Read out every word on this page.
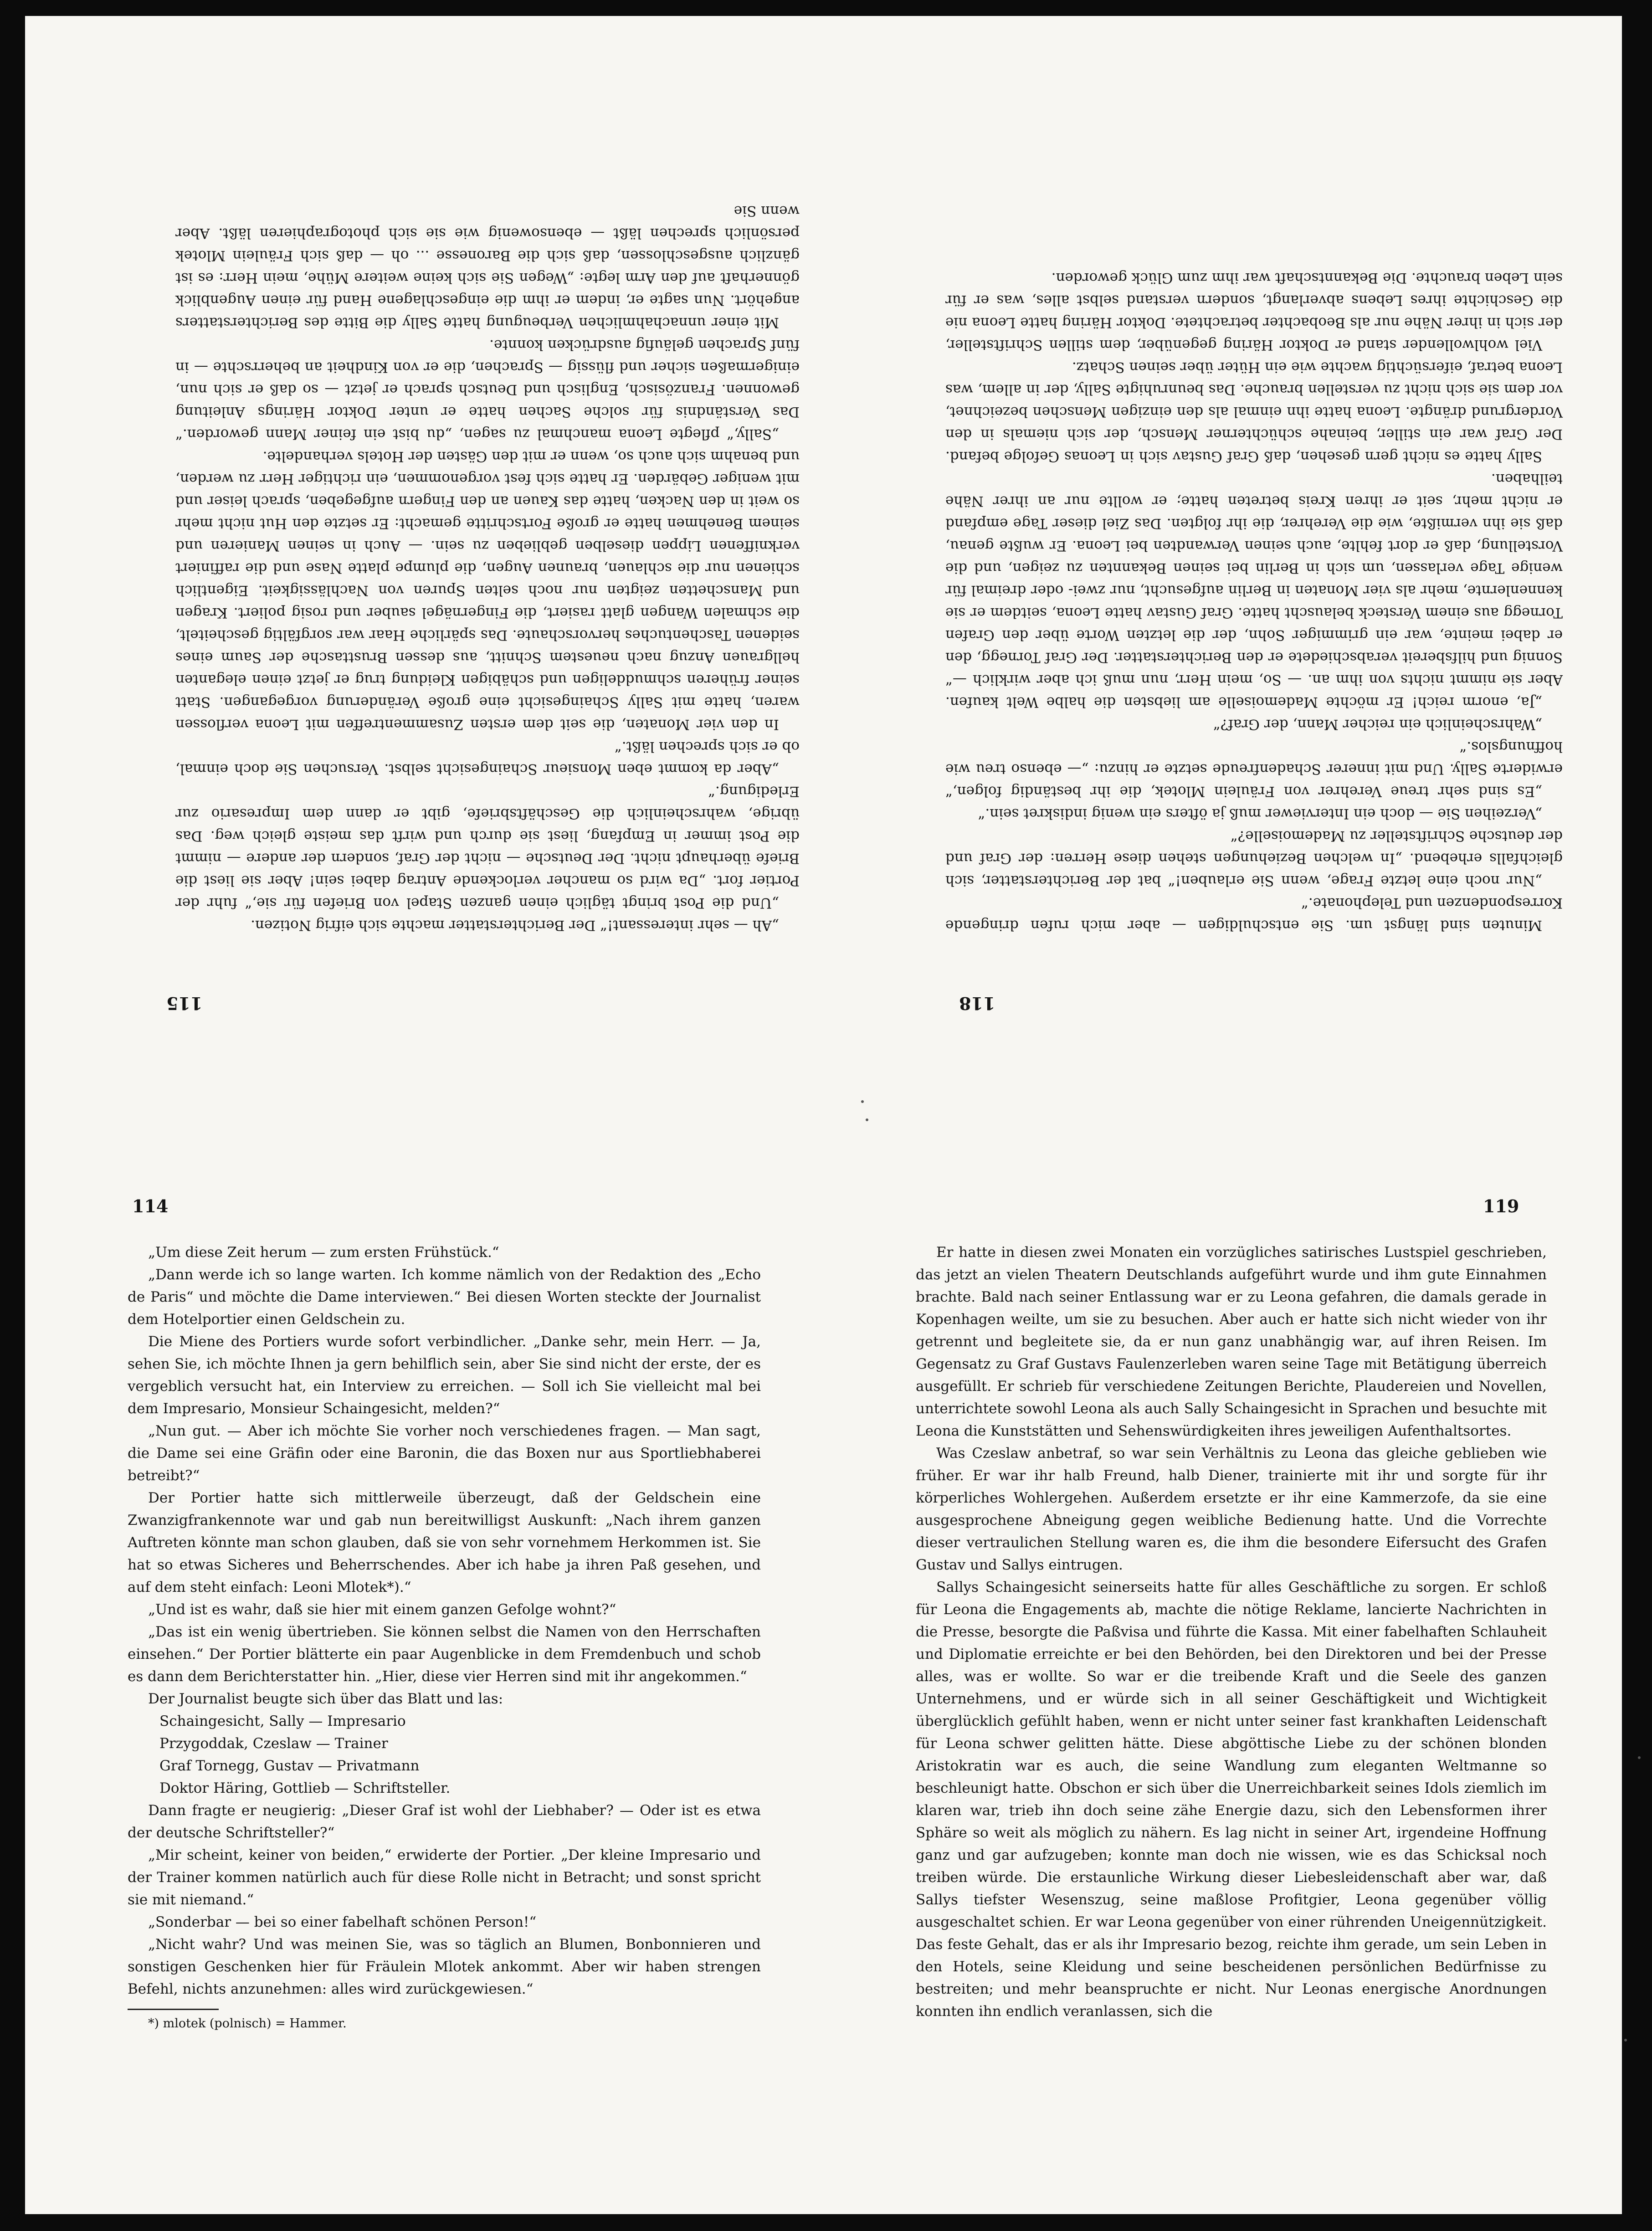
Minuten sind längst um. Sie entschuldigen — aber mich rufen dringende Korrespondenzen und Telephonate.“

„Nur noch eine letzte Frage, wenn Sie erlauben!“ bat der Berichterstatter, sich gleichfalls erhebend. „In welchen Beziehungen stehen diese Herren: der Graf und der deutsche Schriftsteller zu Mademoiselle?“

„Verzeihen Sie — doch ein Interviewer muß ja öfters ein wenig indiskret sein.“

„Es sind sehr treue Verehrer von Fräulein Mlotek, die ihr beständig folgen,“ erwiderte Sally. Und mit innerer Schadenfreude setzte er hinzu: „— ebenso treu wie hoffnungslos.“

„Wahrscheinlich ein reicher Mann, der Graf?“

„Ja, enorm reich! Er möchte Mademoiselle am liebsten die halbe Welt kaufen. Aber sie nimmt nichts von ihm an. — So, mein Herr, nun muß ich aber wirklich —“ Sonnig und hilfsbereit verabschiedete er den Berichterstatter. Der Graf Tornegg, den er dabei meinte, war ein grimmiger Sohn, der die letzten Worte über den Grafen Tornegg aus einem Versteck belauscht hatte. Graf Gustav hatte Leona, seitdem er sie kennenlernte, mehr als vier Monaten in Berlin aufgesucht, nur zwei- oder dreimal für wenige Tage verlassen, um sich in Berlin bei seinen Bekannten zu zeigen, und die Vorstellung, daß er dort fehlte, auch seinen Verwandten bei Leona. Er wußte genau, daß sie ihn vermißte, wie die Verehrer, die ihr folgten. Das Ziel dieser Tage empfand er nicht mehr, seit er ihren Kreis betreten hatte; er wollte nur an ihrer Nähe teilhaben.

Sally hatte es nicht gern gesehen, daß Graf Gustav sich in Leonas Gefolge befand. Der Graf war ein stiller, beinahe schüchterner Mensch, der sich niemals in den Vordergrund drängte. Leona hatte ihn einmal als den einzigen Menschen bezeichnet, vor dem sie sich nicht zu verstellen brauche. Das beunruhigte Sally, der in allem, was Leona betraf, eifersüchtig wachte wie ein Hüter über seinen Schatz.

Viel wohlwollender stand er Doktor Häring gegenüber, dem stillen Schriftsteller, der sich in ihrer Nähe nur als Beobachter betrachtete. Doktor Häring hatte Leona nie die Geschichte ihres Lebens abverlangt, sondern verstand selbst alles, was er für sein Leben brauchte. Die Bekanntschaft war ihm zum Glück geworden.

118

„Ah — sehr interessant!“ Der Berichterstatter machte sich eifrig Notizen.

„Und die Post bringt täglich einen ganzen Stapel von Briefen für sie,“ fuhr der Portier fort. „Da wird so mancher verlockende Antrag dabei sein! Aber sie liest die Briefe überhaupt nicht. Der Deutsche — nicht der Graf, sondern der andere — nimmt die Post immer in Empfang, liest sie durch und wirft das meiste gleich weg. Das übrige, wahrscheinlich die Geschäftsbriefe, gibt er dann dem Impresario zur Erledigung.“

„Aber da kommt eben Monsieur Schaingesicht selbst. Versuchen Sie doch einmal, ob er sich sprechen läßt.“

In den vier Monaten, die seit dem ersten Zusammentreffen mit Leona verflossen waren, hatte mit Sally Schaingesicht eine große Veränderung vorgegangen. Statt seiner früheren schmuddeligen und schäbigen Kleidung trug er jetzt einen eleganten hellgrauen Anzug nach neuestem Schnitt, aus dessen Brusttasche der Saum eines seidenen Taschentuches hervorschaute. Das spärliche Haar war sorgfältig gescheitelt, die schmalen Wangen glatt rasiert, die Fingernägel sauber und rosig poliert. Kragen und Manschetten zeigten nur noch selten Spuren von Nachlässigkeit. Eigentlich schienen nur die schlauen, braunen Augen, die plumpe platte Nase und die raffiniert verkniffenen Lippen dieselben geblieben zu sein. — Auch in seinen Manieren und seinem Benehmen hatte er große Fortschritte gemacht: Er setzte den Hut nicht mehr so weit in den Nacken, hatte das Kauen an den Fingern aufgegeben, sprach leiser und mit weniger Gebärden. Er hatte sich fest vorgenommen, ein richtiger Herr zu werden, und benahm sich auch so, wenn er mit den Gästen der Hotels verhandelte.

„Sally,“ pflegte Leona manchmal zu sagen, „du bist ein feiner Mann geworden.“ Das Verständnis für solche Sachen hatte er unter Doktor Härings Anleitung gewonnen. Französisch, Englisch und Deutsch sprach er jetzt — so daß er sich nun, einigermaßen sicher und flüssig — Sprachen, die er von Kindheit an beherrschte — in fünf Sprachen geläufig ausdrücken konnte.

Mit einer unnachahmlichen Verbeugung hatte Sally die Bitte des Berichterstatters angehört. Nun sagte er, indem er ihm die eingeschlagene Hand für einen Augenblick gönnerhaft auf den Arm legte: „Wegen Sie sich keine weitere Mühe, mein Herr: es ist gänzlich ausgeschlossen, daß sich die Baronesse ... oh — daß sich Fräulein Mlotek persönlich sprechen läßt — ebensowenig wie sie sich photographieren läßt. Aber wenn Sie

115
114

„Um diese Zeit herum — zum ersten Frühstück.“

„Dann werde ich so lange warten. Ich komme nämlich von der Redaktion des „Echo de Paris“ und möchte die Dame interviewen.“ Bei diesen Worten steckte der Journalist dem Hotelportier einen Geldschein zu.

Die Miene des Portiers wurde sofort verbindlicher. „Danke sehr, mein Herr. — Ja, sehen Sie, ich möchte Ihnen ja gern behilflich sein, aber Sie sind nicht der erste, der es vergeblich versucht hat, ein Interview zu erreichen. — Soll ich Sie vielleicht mal bei dem Impresario, Monsieur Schaingesicht, melden?“

„Nun gut. — Aber ich möchte Sie vorher noch verschiedenes fragen. — Man sagt, die Dame sei eine Gräfin oder eine Baronin, die das Boxen nur aus Sportliebhaberei betreibt?“

Der Portier hatte sich mittlerweile überzeugt, daß der Geldschein eine Zwanzigfrankennote war und gab nun bereitwilligst Auskunft: „Nach ihrem ganzen Auftreten könnte man schon glauben, daß sie von sehr vornehmem Herkommen ist. Sie hat so etwas Sicheres und Beherrschendes. Aber ich habe ja ihren Paß gesehen, und auf dem steht einfach: Leoni Mlotek*).“

„Und ist es wahr, daß sie hier mit einem ganzen Gefolge wohnt?“

„Das ist ein wenig übertrieben. Sie können selbst die Namen von den Herrschaften einsehen.“ Der Portier blätterte ein paar Augenblicke in dem Fremdenbuch und schob es dann dem Berichterstatter hin. „Hier, diese vier Herren sind mit ihr angekommen.“

Der Journalist beugte sich über das Blatt und las:

Schaingesicht, Sally — Impresario
Przygoddak, Czeslaw — Trainer
Graf Tornegg, Gustav — Privatmann
Doktor Häring, Gottlieb — Schriftsteller.

Dann fragte er neugierig: „Dieser Graf ist wohl der Liebhaber? — Oder ist es etwa der deutsche Schriftsteller?“

„Mir scheint, keiner von beiden,“ erwiderte der Portier. „Der kleine Impresario und der Trainer kommen natürlich auch für diese Rolle nicht in Betracht; und sonst spricht sie mit niemand.“

„Sonderbar — bei so einer fabelhaft schönen Person!“

„Nicht wahr? Und was meinen Sie, was so täglich an Blumen, Bonbonnieren und sonstigen Geschenken hier für Fräulein Mlotek ankommt. Aber wir haben strengen Befehl, nichts anzunehmen: alles wird zurückgewiesen.“

*) mlotek (polnisch) = Hammer.

119

Er hatte in diesen zwei Monaten ein vorzügliches satirisches Lustspiel geschrieben, das jetzt an vielen Theatern Deutschlands aufgeführt wurde und ihm gute Einnahmen brachte. Bald nach seiner Entlassung war er zu Leona gefahren, die damals gerade in Kopenhagen weilte, um sie zu besuchen. Aber auch er hatte sich nicht wieder von ihr getrennt und begleitete sie, da er nun ganz unabhängig war, auf ihren Reisen. Im Gegensatz zu Graf Gustavs Faulenzerleben waren seine Tage mit Betätigung überreich ausgefüllt. Er schrieb für verschiedene Zeitungen Berichte, Plaudereien und Novellen, unterrichtete sowohl Leona als auch Sally Schaingesicht in Sprachen und besuchte mit Leona die Kunststätten und Sehenswürdigkeiten ihres jeweiligen Aufenthaltsortes.

Was Czeslaw anbetraf, so war sein Verhältnis zu Leona das gleiche geblieben wie früher. Er war ihr halb Freund, halb Diener, trainierte mit ihr und sorgte für ihr körperliches Wohlergehen. Außerdem ersetzte er ihr eine Kammerzofe, da sie eine ausgesprochene Abneigung gegen weibliche Bedienung hatte. Und die Vorrechte dieser vertraulichen Stellung waren es, die ihm die besondere Eifersucht des Grafen Gustav und Sallys eintrugen.

Sallys Schaingesicht seinerseits hatte für alles Geschäftliche zu sorgen. Er schloß für Leona die Engagements ab, machte die nötige Reklame, lancierte Nachrichten in die Presse, besorgte die Paßvisa und führte die Kassa. Mit einer fabelhaften Schlauheit und Diplomatie erreichte er bei den Behörden, bei den Direktoren und bei der Presse alles, was er wollte. So war er die treibende Kraft und die Seele des ganzen Unternehmens, und er würde sich in all seiner Geschäftigkeit und Wichtigkeit überglücklich gefühlt haben, wenn er nicht unter seiner fast krankhaften Leidenschaft für Leona schwer gelitten hätte. Diese abgöttische Liebe zu der schönen blonden Aristokratin war es auch, die seine Wandlung zum eleganten Weltmanne so beschleunigt hatte. Obschon er sich über die Unerreichbarkeit seines Idols ziemlich im klaren war, trieb ihn doch seine zähe Energie dazu, sich den Lebensformen ihrer Sphäre so weit als möglich zu nähern. Es lag nicht in seiner Art, irgendeine Hoffnung ganz und gar aufzugeben; konnte man doch nie wissen, wie es das Schicksal noch treiben würde. Die erstaunliche Wirkung dieser Liebesleidenschaft aber war, daß Sallys tiefster Wesenszug, seine maßlose Profitgier, Leona gegenüber völlig ausgeschaltet schien. Er war Leona gegenüber von einer rührenden Uneigennützigkeit. Das feste Gehalt, das er als ihr Impresario bezog, reichte ihm gerade, um sein Leben in den Hotels, seine Kleidung und seine bescheidenen persönlichen Bedürfnisse zu bestreiten; und mehr beanspruchte er nicht. Nur Leonas energische Anordnungen konnten ihn endlich veranlassen, sich die
